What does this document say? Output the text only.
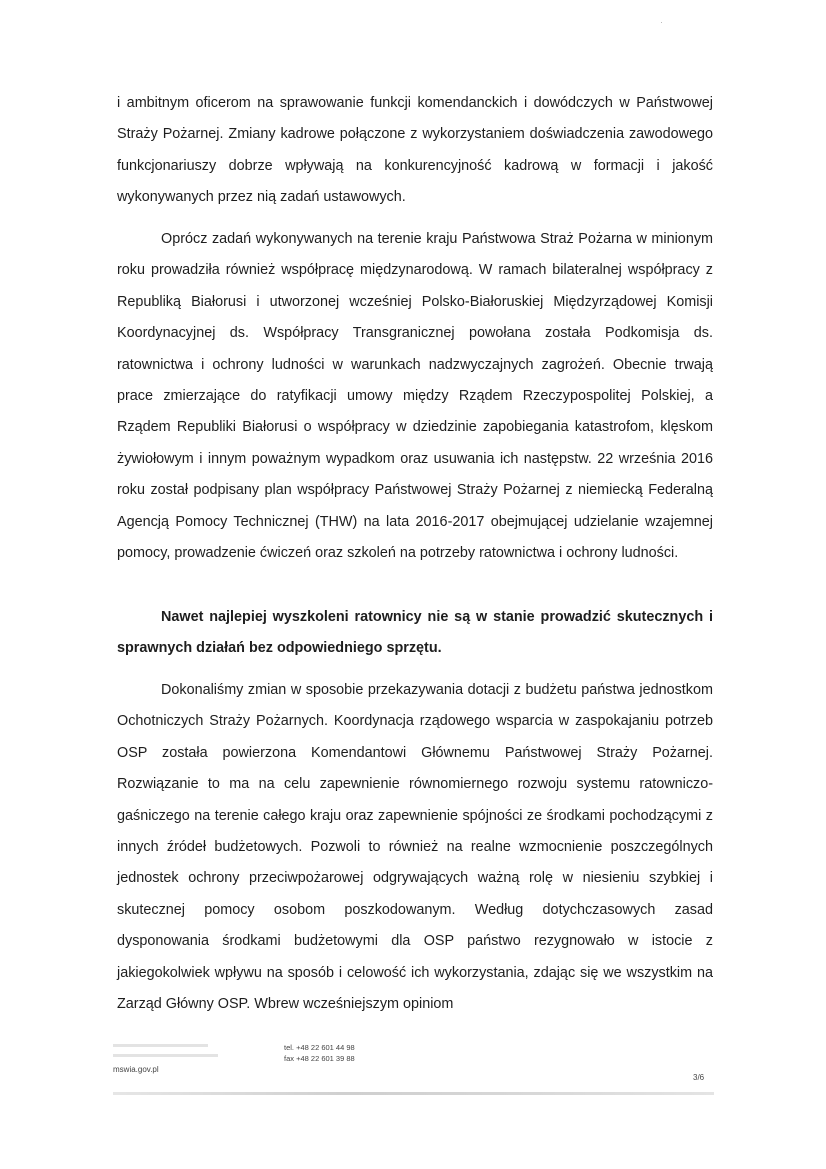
i ambitnym oficerom na sprawowanie funkcji komendanckich i dowódczych w Państwowej Straży Pożarnej. Zmiany kadrowe połączone z wykorzystaniem doświadczenia zawodowego funkcjonariuszy dobrze wpływają na konkurencyjność kadrową w formacji i jakość wykonywanych przez nią zadań ustawowych.

Oprócz zadań wykonywanych na terenie kraju Państwowa Straż Pożarna w minionym roku prowadziła również współpracę międzynarodową. W ramach bilateralnej współpracy z Republiką Białorusi i utworzonej wcześniej Polsko-Białoruskiej Międzyrządowej Komisji Koordynacyjnej ds. Współpracy Transgranicznej powołana została Podkomisja ds. ratownictwa i ochrony ludności w warunkach nadzwyczajnych zagrożeń. Obecnie trwają prace zmierzające do ratyfikacji umowy między Rządem Rzeczypospolitej Polskiej, a Rządem Republiki Białorusi o współpracy w dziedzinie zapobiegania katastrofom, klęskom żywiołowym i innym poważnym wypadkom oraz usuwania ich następstw. 22 września 2016 roku został podpisany plan współpracy Państwowej Straży Pożarnej z niemiecką Federalną Agencją Pomocy Technicznej (THW) na lata 2016-2017 obejmującej udzielanie wzajemnej pomocy, prowadzenie ćwiczeń oraz szkoleń na potrzeby ratownictwa i ochrony ludności.

Nawet najlepiej wyszkoleni ratownicy nie są w stanie prowadzić skutecznych i sprawnych działań bez odpowiedniego sprzętu.

Dokonaliśmy zmian w sposobie przekazywania dotacji z budżetu państwa jednostkom Ochotniczych Straży Pożarnych. Koordynacja rządowego wsparcia w zaspokajaniu potrzeb OSP została powierzona Komendantowi Głównemu Państwowej Straży Pożarnej. Rozwiązanie to ma na celu zapewnienie równomiernego rozwoju systemu ratowniczo-gaśniczego na terenie całego kraju oraz zapewnienie spójności ze środkami pochodzącymi z innych źródeł budżetowych. Pozwoli to również na realne wzmocnienie poszczególnych jednostek ochrony przeciwpożarowej odgrywających ważną rolę w niesieniu szybkiej i skutecznej pomocy osobom poszkodowanym. Według dotychczasowych zasad dysponowania środkami budżetowymi dla OSP państwo rezygnowało w istocie z jakiegokolwiek wpływu na sposób i celowość ich wykorzystania, zdając się we wszystkim na Zarząd Główny OSP. Wbrew wcześniejszym opiniom

mswia.gov.pl
tel. +48 22 601 44 98
fax +48 22 601 39 88
3/6
